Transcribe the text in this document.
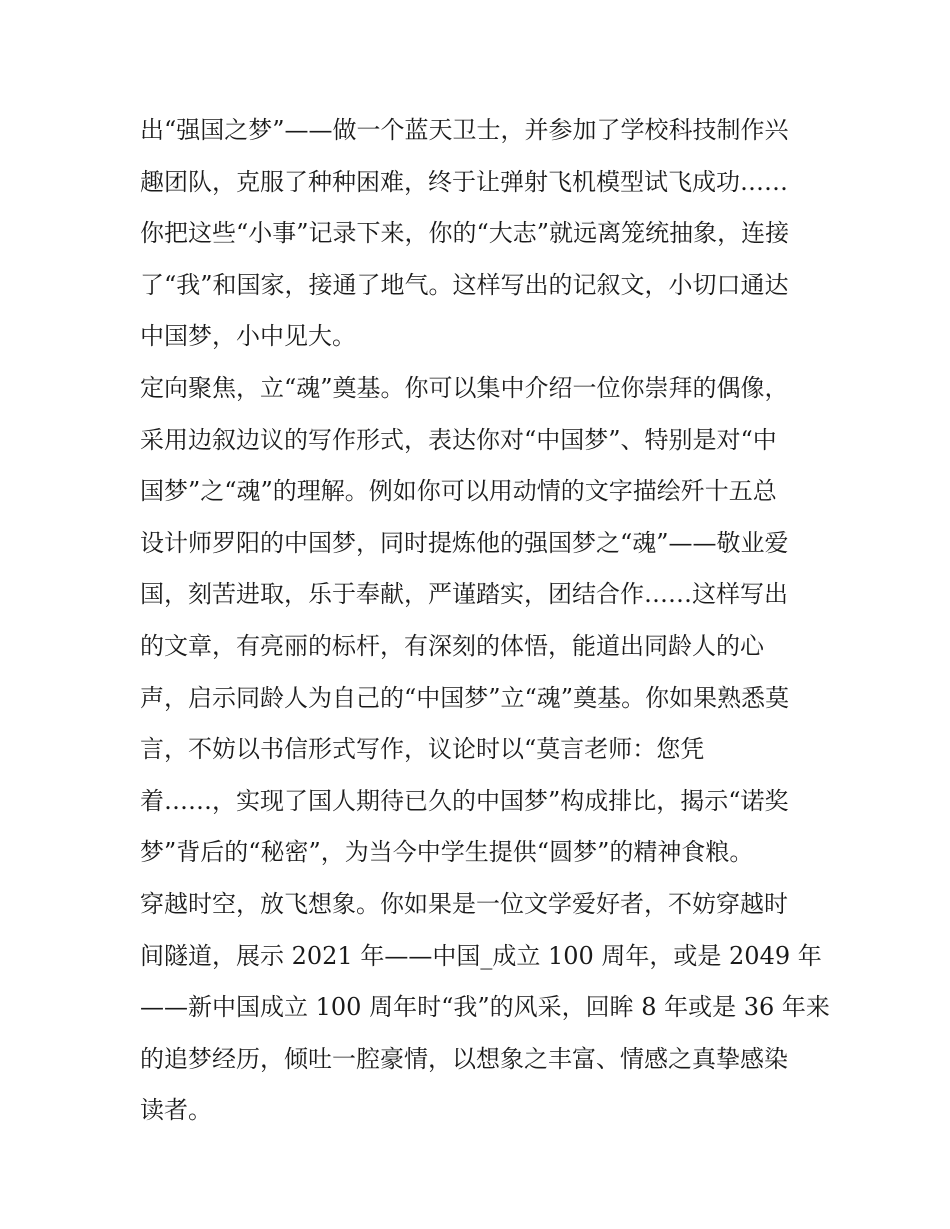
出“强国之梦”——做一个蓝天卫士，并参加了学校科技制作兴
趣团队，克服了种种困难，终于让弹射飞机模型试飞成功……
你把这些“小事”记录下来，你的“大志”就远离笼统抽象，连接
了“我”和国家，接通了地气。这样写出的记叙文，小切口通达
中国梦，小中见大。
定向聚焦，立“魂”奠基。你可以集中介绍一位你崇拜的偶像，
采用边叙边议的写作形式，表达你对“中国梦”、特别是对“中
国梦”之“魂”的理解。例如你可以用动情的文字描绘歼十五总
设计师罗阳的中国梦，同时提炼他的强国梦之“魂”——敬业爱
国，刻苦进取，乐于奉献，严谨踏实，团结合作……这样写出
的文章，有亮丽的标杆，有深刻的体悟，能道出同龄人的心
声，启示同龄人为自己的“中国梦”立“魂”奠基。你如果熟悉莫
言，不妨以书信形式写作，议论时以“莫言老师：您凭
着……，实现了国人期待已久的中国梦”构成排比，揭示“诺奖
梦”背后的“秘密”，为当今中学生提供“圆梦”的精神食粮。
穿越时空，放飞想象。你如果是一位文学爱好者，不妨穿越时
间隧道，展示 2021 年——中国_成立 100 周年，或是 2049 年
——新中国成立 100 周年时“我”的风采，回眸 8 年或是 36 年来
的追梦经历，倾吐一腔豪情，以想象之丰富、情感之真挚感染
读者。
